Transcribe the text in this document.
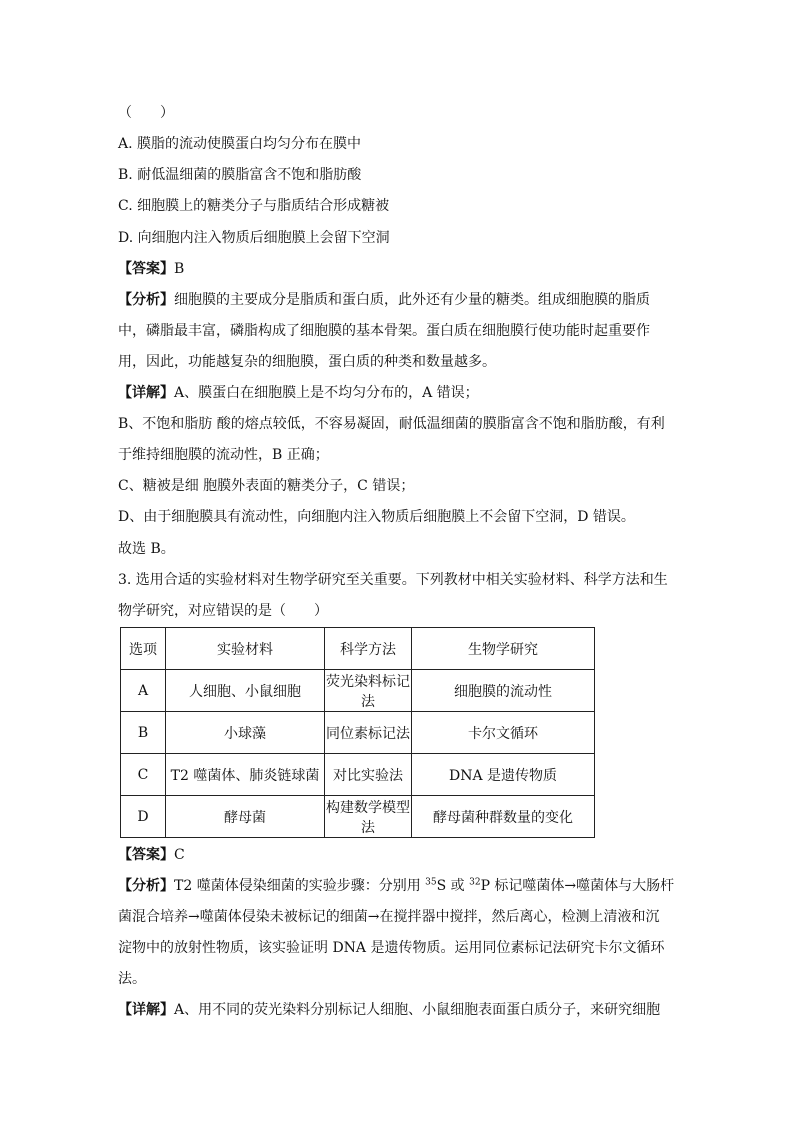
（　　）
A. 膜脂的流动使膜蛋白均匀分布在膜中
B. 耐低温细菌的膜脂富含不饱和脂肪酸
C. 细胞膜上的糖类分子与脂质结合形成糖被
D. 向细胞内注入物质后细胞膜上会留下空洞
【答案】B
【分析】细胞膜的主要成分是脂质和蛋白质，此外还有少量的糖类。组成细胞膜的脂质
中，磷脂最丰富，磷脂构成了细胞膜的基本骨架。蛋白质在细胞膜行使功能时起重要作
用，因此，功能越复杂的细胞膜，蛋白质的种类和数量越多。
【详解】A、膜蛋白在细胞膜上是不均匀分布的，A 错误；
B、不饱和脂肪 酸的熔点较低，不容易凝固，耐低温细菌的膜脂富含不饱和脂肪酸，有利
于维持细胞膜的流动性，B 正确；
C、糖被是细 胞膜外表面的糖类分子，C 错误；
D、由于细胞膜具有流动性，向细胞内注入物质后细胞膜上不会留下空洞，D 错误。
故选 B。
3. 选用合适的实验材料对生物学研究至关重要。下列教材中相关实验材料、科学方法和生
物学研究，对应错误的是（　　）
选项	实验材料	科学方法	生物学研究
A	人细胞、小鼠细胞	荧光染料标记法	细胞膜的流动性
B	小球藻	同位素标记法	卡尔文循环
C	T2 噬菌体、肺炎链球菌	对比实验法	DNA 是遗传物质
D	酵母菌	构建数学模型法	酵母菌种群数量的变化
【答案】C
【分析】T2 噬菌体侵染细菌的实验步骤：分别用 $^{35}$S 或 $^{32}$P 标记噬菌体→噬菌体与大肠杆
菌混合培养→噬菌体侵染未被标记的细菌→在搅拌器中搅拌，然后离心，检测上清液和沉
淀物中的放射性物质，该实验证明 DNA 是遗传物质。运用同位素标记法研究卡尔文循环
法。
【详解】A、用不同的荧光染料分别标记人细胞、小鼠细胞表面蛋白质分子，来研究细胞
